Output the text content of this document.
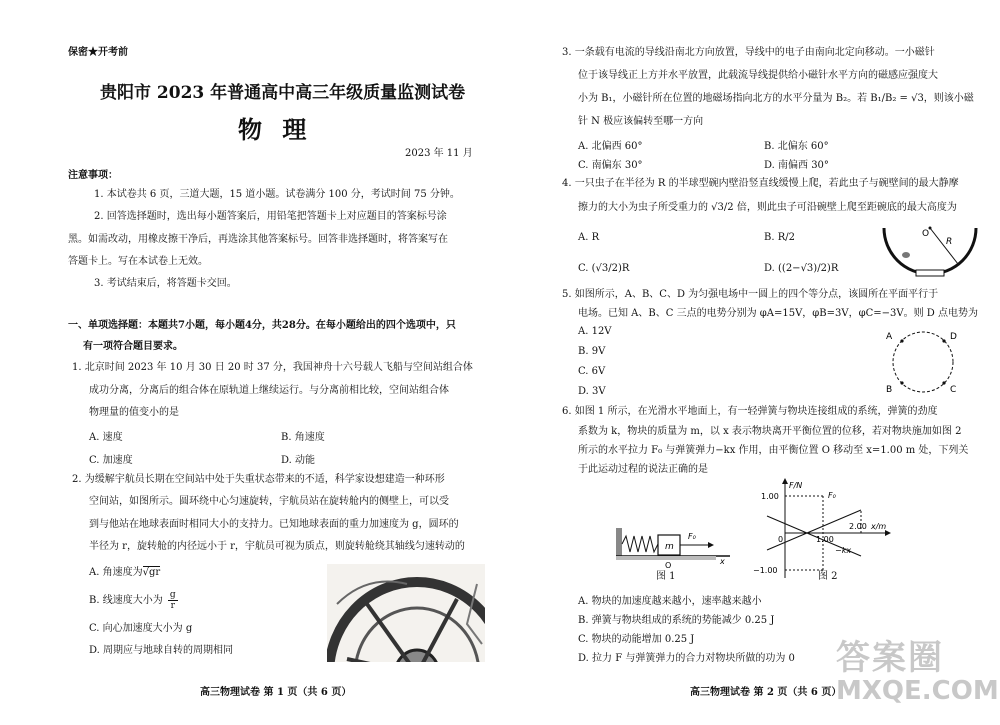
保密★开考前
贵阳市 2023 年普通高中高三年级质量监测试卷
物 理
2023 年 11 月
注意事项：
1. 本试卷共 6 页，三道大题，15 道小题。试卷满分 100 分，考试时间 75 分钟。
2. 回答选择题时，选出每小题答案后，用铅笔把答题卡上对应题目的答案标号涂
黑。如需改动，用橡皮擦干净后，再选涂其他答案标号。回答非选择题时，将答案写在
答题卡上。写在本试卷上无效。
3. 考试结束后，将答题卡交回。
一、单项选择题：本题共7小题，每小题4分，共28分。在每小题给出的四个选项中，只
有一项符合题目要求。
1. 北京时间 2023 年 10 月 30 日 20 时 37 分，我国神舟十六号载人飞船与空间站组合体
成功分离，分离后的组合体在原轨道上继续运行。与分离前相比较，空间站组合体
物理量的值变小的是
A. 速度	B. 角速度
C. 加速度	D. 动能
2. 为缓解宇航员长期在空间站中处于失重状态带来的不适，科学家设想建造一种环形
空间站，如图所示。圆环绕中心匀速旋转，宇航员站在旋转舱内的侧壁上，可以受
到与他站在地球表面时相同大小的支持力。已知地球表面的重力加速度为 g，圆环的
半径为 r，旋转舱的内径远小于 r，宇航员可视为质点，则旋转舱绕其轴线匀速转动的
A. 角速度为√gr
B. 线速度大小为 $\frac{g}{r}$
C. 向心加速度大小为 g
D. 周期应与地球自转的周期相同
高三物理试卷 第 1 页（共 6 页）
3. 一条载有电流的导线沿南北方向放置，导线中的电子由南向北定向移动。一小磁针
位于该导线正上方并水平放置，此载流导线提供给小磁针水平方向的磁感应强度大
小为 B₁，小磁针所在位置的地磁场指向北方的水平分量为 B₂。若 B₁/B₂ = √3，则该小磁
针 N 极应该偏转至哪一方向
A. 北偏西 60°	B. 北偏东 60°
C. 南偏东 30°	D. 南偏西 30°
4. 一只虫子在半径为 R 的半球型碗内壁沿竖直线缓慢上爬，若此虫子与碗壁间的最大静摩
擦力的大小为虫子所受重力的 √3/2 倍，则此虫子可沿碗壁上爬至距碗底的最大高度为
A. R	B. R/2
C. (√3/2)R	D. ((2−√3)/2)R
O
R
5. 如图所示，A、B、C、D 为匀强电场中一圆上的四个等分点，该圆所在平面平行于
电场。已知 A、B、C 三点的电势分别为 φA=15V，φB=3V，φC=−3V。则 D 点电势为
A. 12V
B. 9V
C. 6V
D. 3V
A	D
B	C
6. 如图 1 所示，在光滑水平地面上，有一轻弹簧与物块连接组成的系统，弹簧的劲度
系数为 k，物块的质量为 m，以 x 表示物块离开平衡位置的位移，若对物块施加如图 2
所示的水平拉力 F₀ 与弹簧弹力−kx 作用，由平衡位置 O 移动至 x=1.00 m 处，下列关
于此运动过程的说法正确的是
m
F₀
x
O
图 1
F/N
x/m
1.00
−1.00
1.00
2.00
0
F₀
−kx
图 2
A. 物块的加速度越来越小，速率越来越小
B. 弹簧与物块组成的系统的势能减少 0.25 J
C. 物块的动能增加 0.25 J
D. 拉力 F 与弹簧弹力的合力对物块所做的功为 0
高三物理试卷 第 2 页（共 6 页）
答案圈
MXQE.COM
